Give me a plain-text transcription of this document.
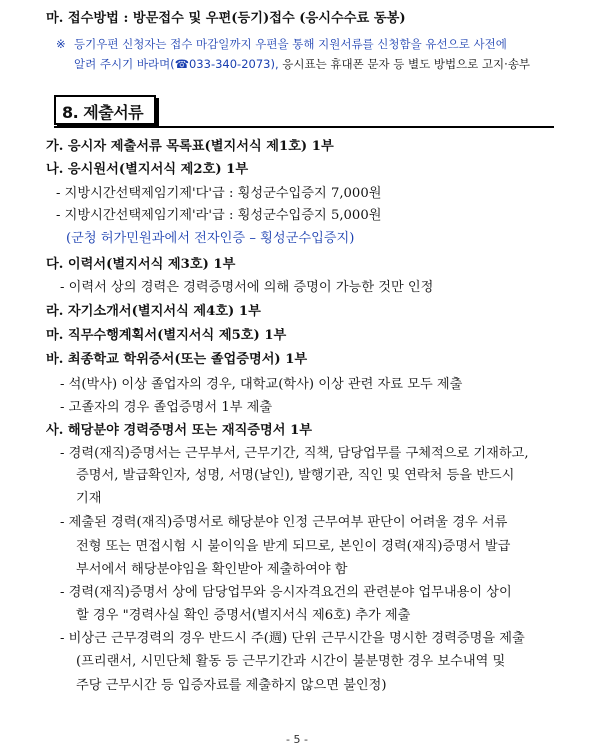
마. 접수방법 : 방문접수 및 우편(등기)접수 (응시수수료 동봉)
※ 등기우편 신청자는 접수 마감일까지 우편을 통해 지원서류를 신청함을 유선으로 사전에
알려 주시기 바라며(☎033-340-2073), 응시표는 휴대폰 문자 등 별도 방법으로 고지·송부
8. 제출서류
가. 응시자 제출서류 목록표(별지서식 제1호) 1부
나. 응시원서(별지서식 제2호) 1부
- 지방시간선택제임기제'다'급 : 횡성군수입증지 7,000원
- 지방시간선택제임기제'라'급 : 횡성군수입증지 5,000원
(군청 허가민원과에서 전자인증 – 횡성군수입증지)
다. 이력서(별지서식 제3호) 1부
- 이력서 상의 경력은 경력증명서에 의해 증명이 가능한 것만 인정
라. 자기소개서(별지서식 제4호) 1부
마. 직무수행계획서(별지서식 제5호) 1부
바. 최종학교 학위증서(또는 졸업증명서) 1부
- 석(박사) 이상 졸업자의 경우, 대학교(학사) 이상 관련 자료 모두 제출
- 고졸자의 경우 졸업증명서 1부 제출
사. 해당분야 경력증명서 또는 재직증명서 1부
- 경력(재직)증명서는 근무부서, 근무기간, 직책, 담당업무를 구체적으로 기재하고,
증명서, 발급확인자, 성명, 서명(날인), 발행기관, 직인 및 연락처 등을 반드시
기재
- 제출된 경력(재직)증명서로 해당분야 인정 근무여부 판단이 어려울 경우 서류
전형 또는 면접시험 시 불이익을 받게 되므로, 본인이 경력(재직)증명서 발급
부서에서 해당분야임을 확인받아 제출하여야 함
- 경력(재직)증명서 상에 담당업무와 응시자격요건의 관련분야 업무내용이 상이
할 경우 "경력사실 확인 증명서(별지서식 제6호) 추가 제출
- 비상근 근무경력의 경우 반드시 주(週) 단위 근무시간을 명시한 경력증명을 제출
(프리랜서, 시민단체 활동 등 근무기간과 시간이 불분명한 경우 보수내역 및
주당 근무시간 등 입증자료를 제출하지 않으면 불인정)
- 5 -
